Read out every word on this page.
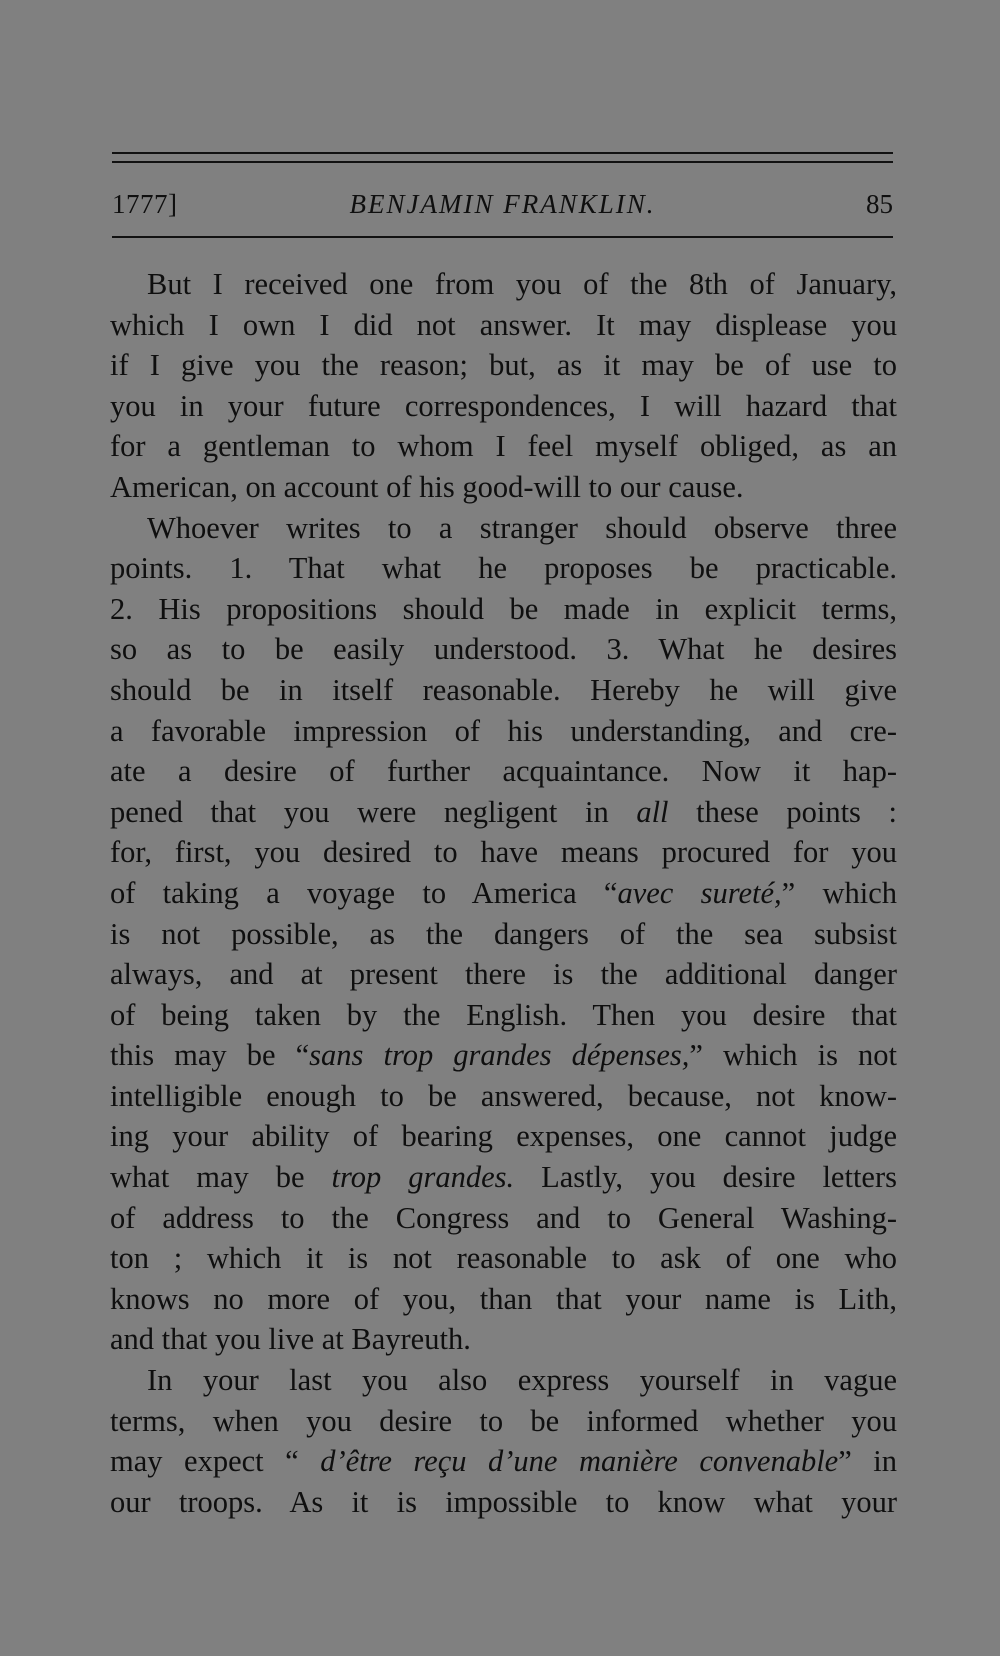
1777]	BENJAMIN FRANKLIN.	85
But I received one from you of the 8th of January,
which I own I did not answer. It may displease you
if I give you the reason; but, as it may be of use to
you in your future correspondences, I will hazard that
for a gentleman to whom I feel myself obliged, as an
American, on account of his good-will to our cause.
Whoever writes to a stranger should observe three
points. 1. That what he proposes be practicable.
2. His propositions should be made in explicit terms,
so as to be easily understood. 3. What he desires
should be in itself reasonable. Hereby he will give
a favorable impression of his understanding, and cre-
ate a desire of further acquaintance. Now it hap-
pened that you were negligent in all these points :
for, first, you desired to have means procured for you
of taking a voyage to America “avec sureté,” which
is not possible, as the dangers of the sea subsist
always, and at present there is the additional danger
of being taken by the English. Then you desire that
this may be “sans trop grandes dépenses,” which is not
intelligible enough to be answered, because, not know-
ing your ability of bearing expenses, one cannot judge
what may be trop grandes. Lastly, you desire letters
of address to the Congress and to General Washing-
ton ; which it is not reasonable to ask of one who
knows no more of you, than that your name is Lith,
and that you live at Bayreuth.
In your last you also express yourself in vague
terms, when you desire to be informed whether you
may expect “ d’être reçu d’une manière convenable” in
our troops. As it is impossible to know what your
